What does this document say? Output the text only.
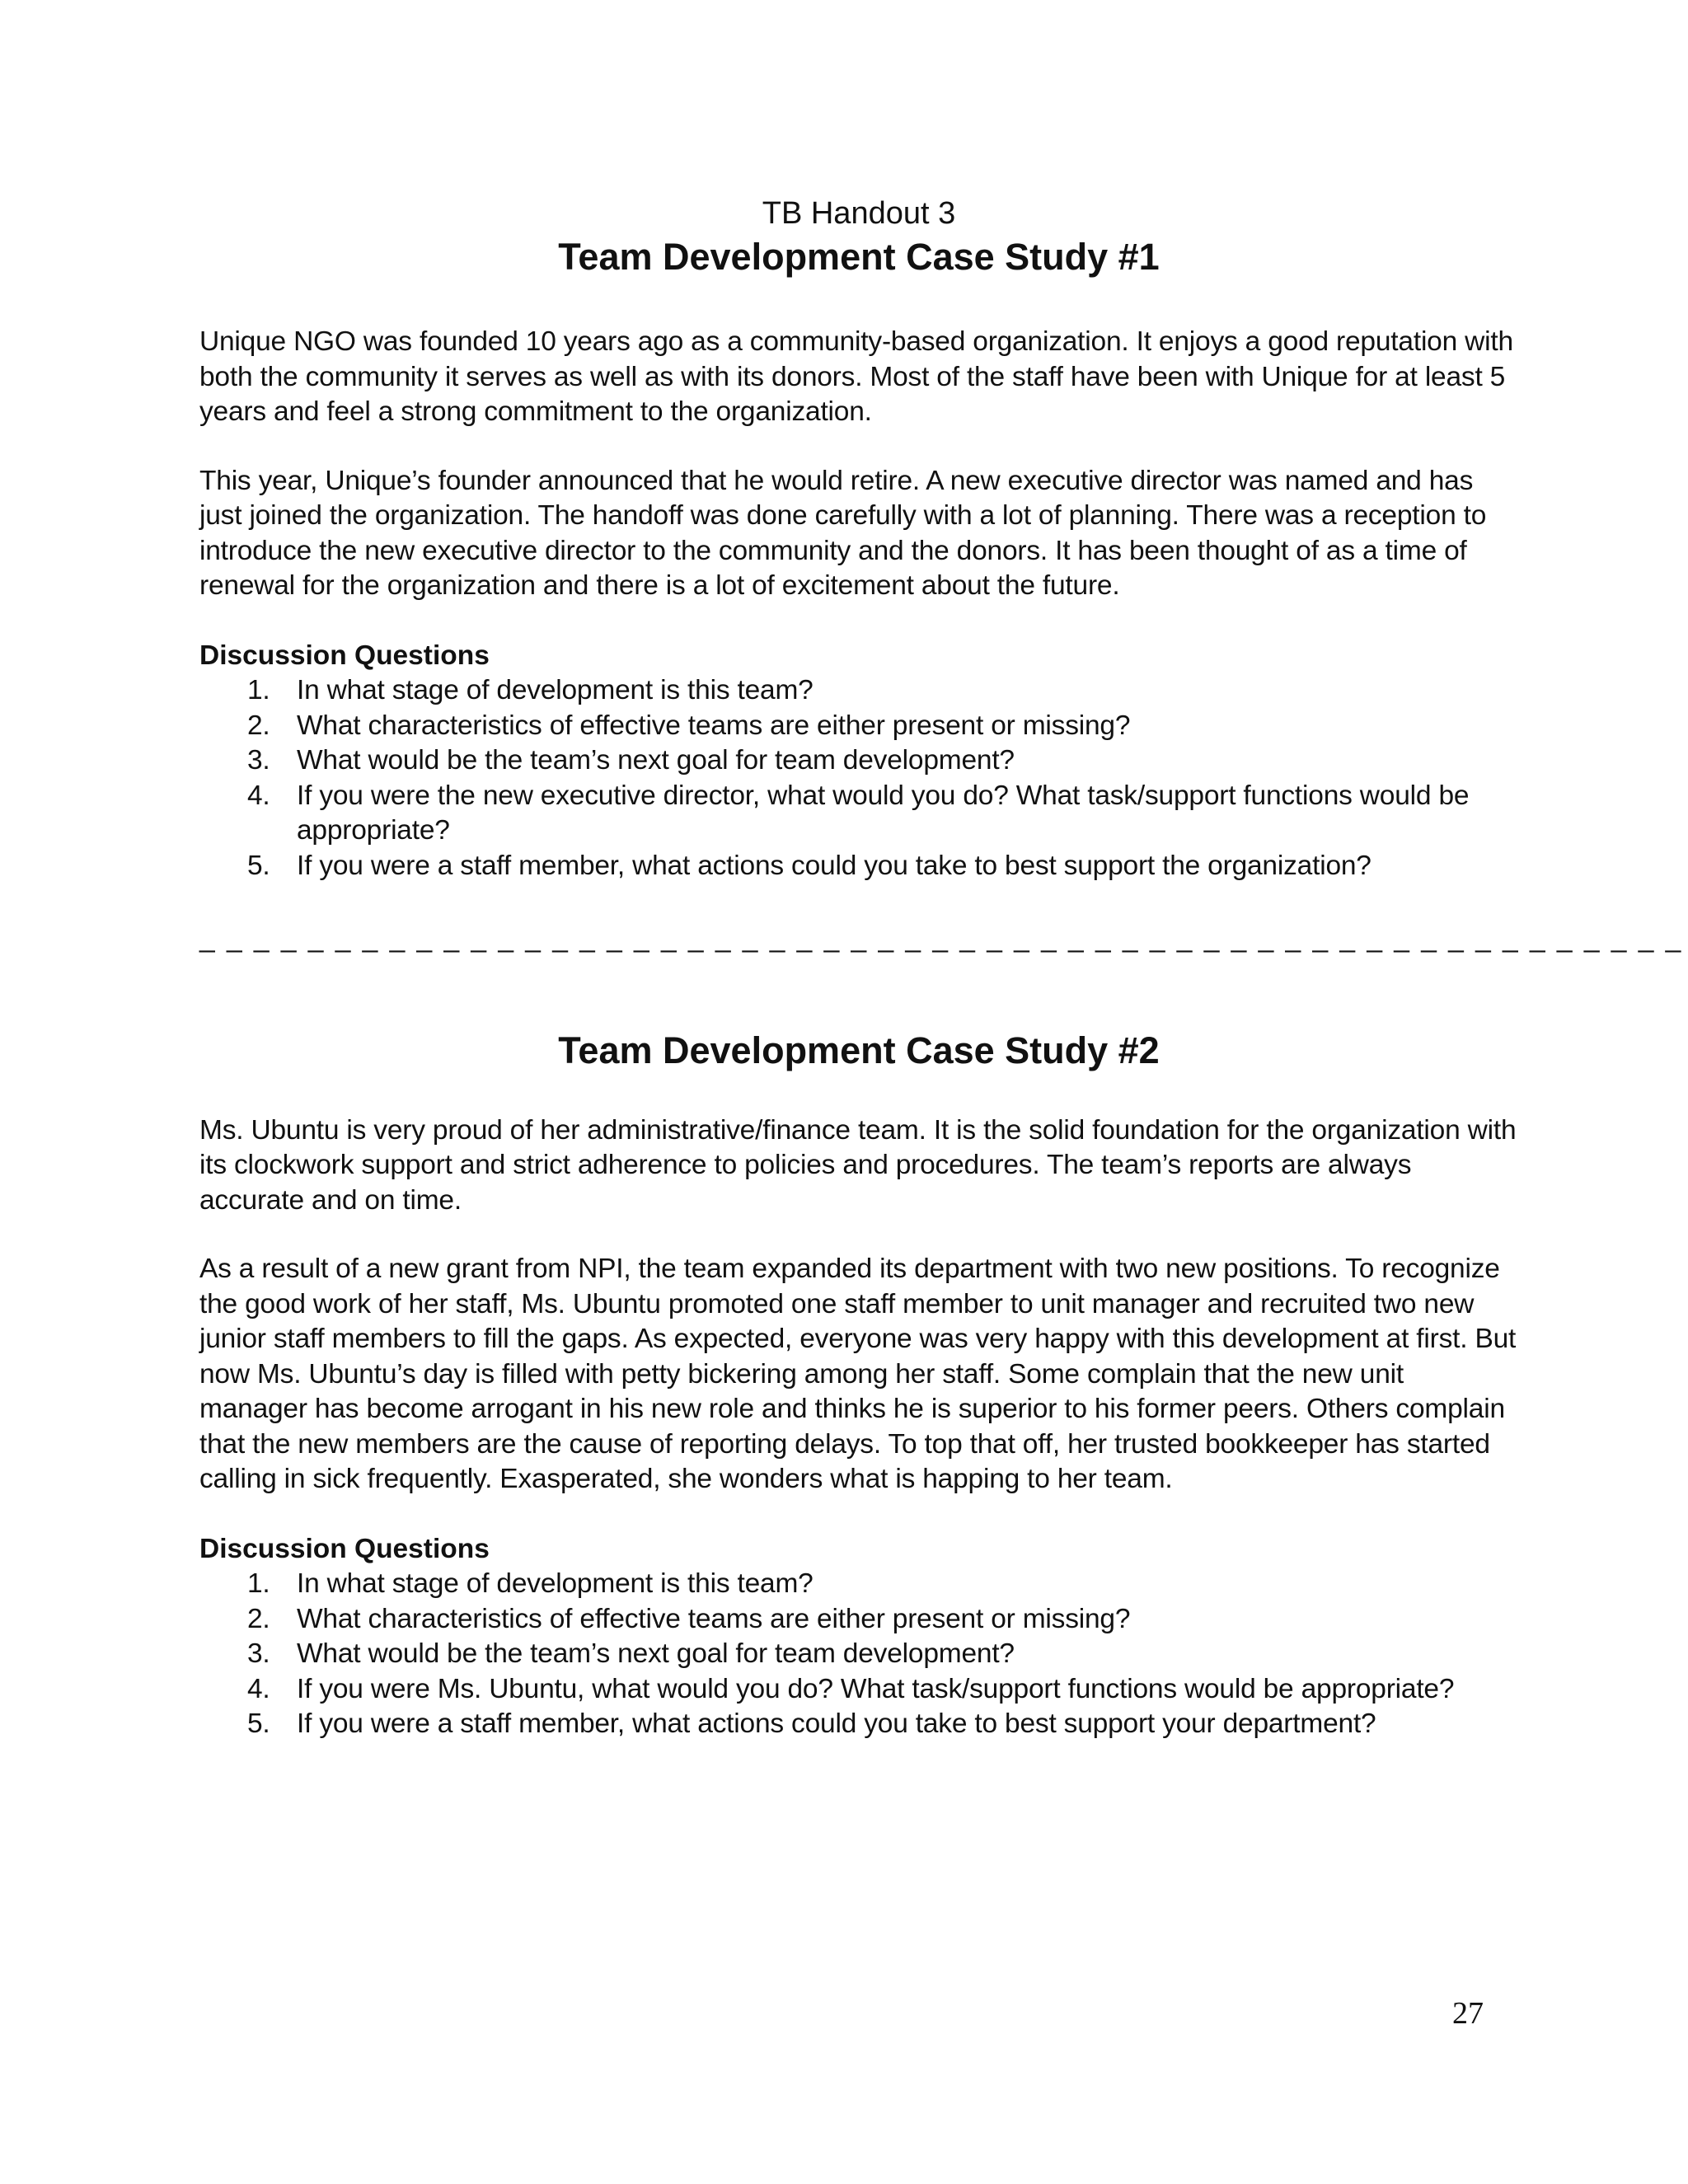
TB Handout 3

Team Development Case Study #1

Unique NGO was founded 10 years ago as a community-based organization. It enjoys a good reputation with both the community it serves as well as with its donors. Most of the staff have been with Unique for at least 5 years and feel a strong commitment to the organization.

This year, Unique’s founder announced that he would retire. A new executive director was named and has just joined the organization. The handoff was done carefully with a lot of planning. There was a reception to introduce the new executive director to the community and the donors. It has been thought of as a time of renewal for the organization and there is a lot of excitement about the future.

Discussion Questions
1. In what stage of development is this team?
2. What characteristics of effective teams are either present or missing?
3. What would be the team’s next goal for team development?
4. If you were the new executive director, what would you do? What task/support functions would be appropriate?
5. If you were a staff member, what actions could you take to best support the organization?
_ _ _ _ _ _ _ _ _ _ _ _ _ _ _ _ _ _ _ _ _ _ _ _ _ _ _ _ _ _ _ _ _ _ _ _ _ _ _ _ _ _ _ _ _ _ _ _ _ _ _ _ _ _ _
Team Development Case Study #2

Ms. Ubuntu is very proud of her administrative/finance team. It is the solid foundation for the organization with its clockwork support and strict adherence to policies and procedures. The team’s reports are always accurate and on time.

As a result of a new grant from NPI, the team expanded its department with two new positions. To recognize the good work of her staff, Ms. Ubuntu promoted one staff member to unit manager and recruited two new junior staff members to fill the gaps. As expected, everyone was very happy with this development at first. But now Ms. Ubuntu’s day is filled with petty bickering among her staff. Some complain that the new unit manager has become arrogant in his new role and thinks he is superior to his former peers. Others complain that the new members are the cause of reporting delays. To top that off, her trusted bookkeeper has started calling in sick frequently. Exasperated, she wonders what is happing to her team.

Discussion Questions
1. In what stage of development is this team?
2. What characteristics of effective teams are either present or missing?
3. What would be the team’s next goal for team development?
4. If you were Ms. Ubuntu, what would you do? What task/support functions would be appropriate?
5. If you were a staff member, what actions could you take to best support your department?
27
